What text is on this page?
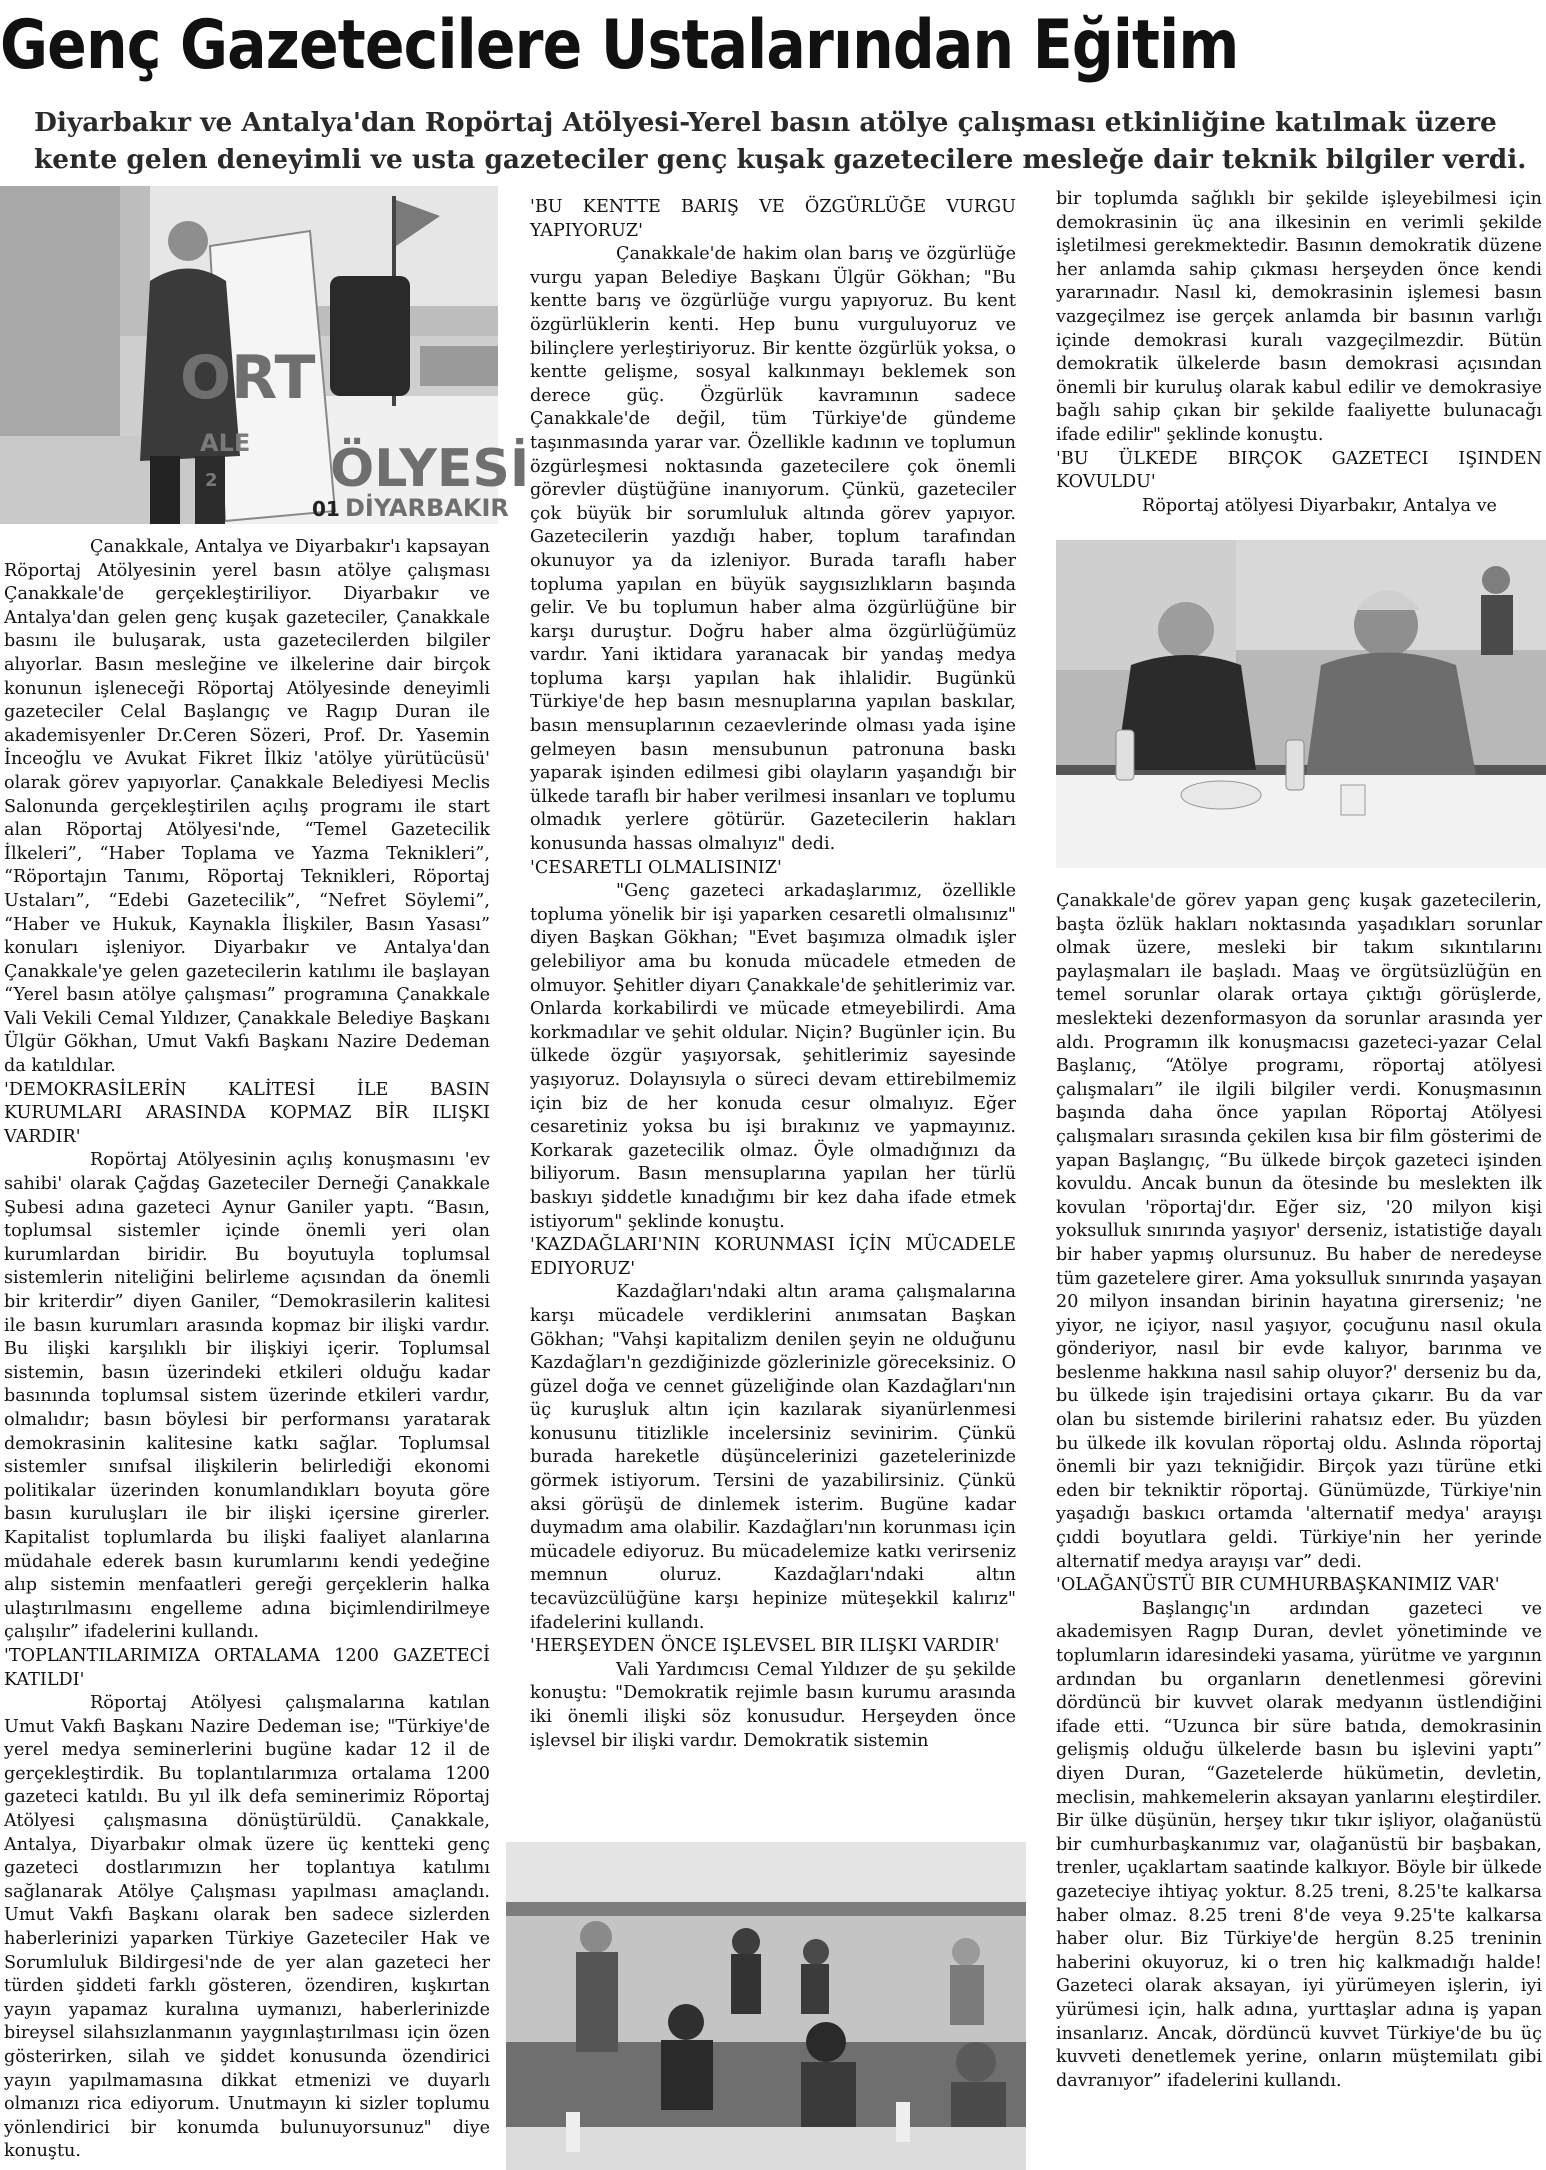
Genç Gazetecilere Ustalarından Eğitim
Diyarbakır ve Antalya'dan Ropörtaj Atölyesi-Yerel basın atölye çalışması etkinliğine katılmak üzere kente gelen deneyimli ve usta gazeteciler genç kuşak gazetecilere mesleğe dair teknik bilgiler verdi.
ORT
ÖLYESİ
DİYARBAKIR
ALE
2
01

Çanakkale, Antalya ve Diyarbakır'ı kapsayan Röportaj Atölyesinin yerel basın atölye çalışması Çanakkale'de gerçekleştiriliyor. Diyarbakır ve Antalya'dan gelen genç kuşak gazeteciler, Çanakkale basını ile buluşarak, usta gazetecilerden bilgiler alıyorlar. Basın mesleğine ve ilkelerine dair birçok konunun işleneceği Röportaj Atölyesinde deneyimli gazeteciler Celal Başlangıç ve Ragıp Duran ile akademisyenler Dr.Ceren Sözeri, Prof. Dr. Yasemin İnceoğlu ve Avukat Fikret İlkiz 'atölye yürütücüsü' olarak görev yapıyorlar. Çanakkale Belediyesi Meclis Salonunda gerçekleştirilen açılış programı ile start alan Röportaj Atölyesi'nde, “Temel Gazetecilik İlkeleri”, “Haber Toplama ve Yazma Teknikleri”, “Röportajın Tanımı, Röportaj Teknikleri, Röportaj Ustaları”, “Edebi Gazetecilik”, “Nefret Söylemi”, “Haber ve Hukuk, Kaynakla İlişkiler, Basın Yasası” konuları işleniyor. Diyarbakır ve Antalya'dan Çanakkale'ye gelen gazetecilerin katılımı ile başlayan “Yerel basın atölye çalışması” programına Çanakkale Vali Vekili Cemal Yıldızer, Çanakkale Belediye Başkanı Ülgür Gökhan, Umut Vakfı Başkanı Nazire Dedeman da katıldılar.

'DEMOKRASİLERİN KALİTESİ İLE BASIN KURUMLARI ARASINDA KOPMAZ BİR ILIŞKI VARDIR'

Ropörtaj Atölyesinin açılış konuşmasını 'ev sahibi' olarak Çağdaş Gazeteciler Derneği Çanakkale Şubesi adına gazeteci Aynur Ganiler yaptı. “Basın, toplumsal sistemler içinde önemli yeri olan kurumlardan biridir. Bu boyutuyla toplumsal sistemlerin niteliğini belirleme açısından da önemli bir kriterdir” diyen Ganiler, “Demokrasilerin kalitesi ile basın kurumları arasında kopmaz bir ilişki vardır. Bu ilişki karşılıklı bir ilişkiyi içerir. Toplumsal sistemin, basın üzerindeki etkileri olduğu kadar basınında toplumsal sistem üzerinde etkileri vardır, olmalıdır; basın böylesi bir performansı yaratarak demokrasinin kalitesine katkı sağlar. Toplumsal sistemler sınıfsal ilişkilerin belirlediği ekonomi politikalar üzerinden konumlandıkları boyuta göre basın kuruluşları ile bir ilişki içersine girerler. Kapitalist toplumlarda bu ilişki faaliyet alanlarına müdahale ederek basın kurumlarını kendi yedeğine alıp sistemin menfaatleri gereği gerçeklerin halka ulaştırılmasını engelleme adına biçimlendirilmeye çalışılır” ifadelerini kullandı.

'TOPLANTILARIMIZA ORTALAMA 1200 GAZETECİ KATILDI'

Röportaj Atölyesi çalışmalarına katılan Umut Vakfı Başkanı Nazire Dedeman ise; "Türkiye'de yerel medya seminerlerini bugüne kadar 12 il de gerçekleştirdik. Bu toplantılarımıza ortalama 1200 gazeteci katıldı. Bu yıl ilk defa seminerimiz Röportaj Atölyesi çalışmasına dönüştürüldü. Çanakkale, Antalya, Diyarbakır olmak üzere üç kentteki genç gazeteci dostlarımızın her toplantıya katılımı sağlanarak Atölye Çalışması yapılması amaçlandı. Umut Vakfı Başkanı olarak ben sadece sizlerden haberlerinizi yaparken Türkiye Gazeteciler Hak ve Sorumluluk Bildirgesi'nde de yer alan gazeteci her türden şiddeti farklı gösteren, özendiren, kışkırtan yayın yapamaz kuralına uymanızı, haberlerinizde bireysel silahsızlanmanın yaygınlaştırılması için özen gösterirken, silah ve şiddet konusunda özendirici yayın yapılmamasına dikkat etmenizi ve duyarlı olmanızı rica ediyorum. Unutmayın ki sizler toplumu yönlendirici bir konumda bulunuyorsunuz" diye konuştu.

'BU KENTTE BARIŞ VE ÖZGÜRLÜĞE VURGU YAPIYORUZ'

Çanakkale'de hakim olan barış ve özgürlüğe vurgu yapan Belediye Başkanı Ülgür Gökhan; "Bu kentte barış ve özgürlüğe vurgu yapıyoruz. Bu kent özgürlüklerin kenti. Hep bunu vurguluyoruz ve bilinçlere yerleştiriyoruz. Bir kentte özgürlük yoksa, o kentte gelişme, sosyal kalkınmayı beklemek son derece güç. Özgürlük kavramının sadece Çanakkale'de değil, tüm Türkiye'de gündeme taşınmasında yarar var. Özellikle kadının ve toplumun özgürleşmesi noktasında gazetecilere çok önemli görevler düştüğüne inanıyorum. Çünkü, gazeteciler çok büyük bir sorumluluk altında görev yapıyor. Gazetecilerin yazdığı haber, toplum tarafından okunuyor ya da izleniyor. Burada taraflı haber topluma yapılan en büyük saygısızlıkların başında gelir. Ve bu toplumun haber alma özgürlüğüne bir karşı duruştur. Doğru haber alma özgürlüğümüz vardır. Yani iktidara yaranacak bir yandaş medya topluma karşı yapılan hak ihlalidir. Bugünkü Türkiye'de hep basın mesnuplarına yapılan baskılar, basın mensuplarının cezaevlerinde olması yada işine gelmeyen basın mensubunun patronuna baskı yaparak işinden edilmesi gibi olayların yaşandığı bir ülkede taraflı bir haber verilmesi insanları ve toplumu olmadık yerlere götürür. Gazetecilerin hakları konusunda hassas olmalıyız" dedi.

'CESARETLI OLMALISINIZ'

"Genç gazeteci arkadaşlarımız, özellikle topluma yönelik bir işi yaparken cesaretli olmalısınız" diyen Başkan Gökhan; "Evet başımıza olmadık işler gelebiliyor ama bu konuda mücadele etmeden de olmuyor. Şehitler diyarı Çanakkale'de şehitlerimiz var. Onlarda korkabilirdi ve mücade etmeyebilirdi. Ama korkmadılar ve şehit oldular. Niçin? Bugünler için. Bu ülkede özgür yaşıyorsak, şehitlerimiz sayesinde yaşıyoruz. Dolayısıyla o süreci devam ettirebilmemiz için biz de her konuda cesur olmalıyız. Eğer cesaretiniz yoksa bu işi bırakınız ve yapmayınız. Korkarak gazetecilik olmaz. Öyle olmadığınızı da biliyorum. Basın mensuplarına yapılan her türlü baskıyı şiddetle kınadığımı bir kez daha ifade etmek istiyorum" şeklinde konuştu.

'KAZDAĞLARI'NIN KORUNMASI İÇİN MÜCADELE EDIYORUZ'

Kazdağları'ndaki altın arama çalışmalarına karşı mücadele verdiklerini anımsatan Başkan Gökhan; "Vahşi kapitalizm denilen şeyin ne olduğunu Kazdağları'n gezdiğinizde gözlerinizle göreceksiniz. O güzel doğa ve cennet güzeliğinde olan Kazdağları'nın üç kuruşluk altın için kazılarak siyanürlenmesi konusunu titizlikle incelersiniz sevinirim. Çünkü burada hareketle düşüncelerinizi gazetelerinizde görmek istiyorum. Tersini de yazabilirsiniz. Çünkü aksi görüşü de dinlemek isterim. Bugüne kadar duymadım ama olabilir. Kazdağları'nın korunması için mücadele ediyoruz. Bu mücadelemize katkı verirseniz memnun oluruz. Kazdağları'ndaki altın tecavüzcülüğüne karşı hepinize müteşekkil kalırız" ifadelerini kullandı.

'HERŞEYDEN ÖNCE IŞLEVSEL BIR ILIŞKI VARDIR'

Vali Yardımcısı Cemal Yıldızer de şu şekilde konuştu: "Demokratik rejimle basın kurumu arasında iki önemli ilişki söz konusudur. Herşeyden önce işlevsel bir ilişki vardır. Demokratik sistemin

bir toplumda sağlıklı bir şekilde işleyebilmesi için demokrasinin üç ana ilkesinin en verimli şekilde işletilmesi gerekmektedir. Basının demokratik düzene her anlamda sahip çıkması herşeyden önce kendi yararınadır. Nasıl ki, demokrasinin işlemesi basın vazgeçilmez ise gerçek anlamda bir basının varlığı içinde demokrasi kuralı vazgeçilmezdir. Bütün demokratik ülkelerde basın demokrasi açısından önemli bir kuruluş olarak kabul edilir ve demokrasiye bağlı sahip çıkan bir şekilde faaliyette bulunacağı ifade edilir" şeklinde konuştu.

'BU ÜLKEDE BIRÇOK GAZETECI IŞINDEN KOVULDU'

Röportaj atölyesi Diyarbakır, Antalya ve

Çanakkale'de görev yapan genç kuşak gazetecilerin, başta özlük hakları noktasında yaşadıkları sorunlar olmak üzere, mesleki bir takım sıkıntılarını paylaşmaları ile başladı. Maaş ve örgütsüzlüğün en temel sorunlar olarak ortaya çıktığı görüşlerde, meslekteki dezenformasyon da sorunlar arasında yer aldı. Programın ilk konuşmacısı gazeteci-yazar Celal Başlanıç, “Atölye programı, röportaj atölyesi çalışmaları” ile ilgili bilgiler verdi. Konuşmasının başında daha önce yapılan Röportaj Atölyesi çalışmaları sırasında çekilen kısa bir film gösterimi de yapan Başlangıç, “Bu ülkede birçok gazeteci işinden kovuldu. Ancak bunun da ötesinde bu meslekten ilk kovulan 'röportaj'dır. Eğer siz, '20 milyon kişi yoksulluk sınırında yaşıyor' derseniz, istatistiğe dayalı bir haber yapmış olursunuz. Bu haber de neredeyse tüm gazetelere girer. Ama yoksulluk sınırında yaşayan 20 milyon insandan birinin hayatına girerseniz; 'ne yiyor, ne içiyor, nasıl yaşıyor, çocuğunu nasıl okula gönderiyor, nasıl bir evde kalıyor, barınma ve beslenme hakkına nasıl sahip oluyor?' derseniz bu da, bu ülkede işin trajedisini ortaya çıkarır. Bu da var olan bu sistemde birilerini rahatsız eder. Bu yüzden bu ülkede ilk kovulan röportaj oldu. Aslında röportaj önemli bir yazı tekniğidir. Birçok yazı türüne etki eden bir tekniktir röportaj. Günümüzde, Türkiye'nin yaşadığı baskıcı ortamda 'alternatif medya' arayışı çıddi boyutlara geldi. Türkiye'nin her yerinde alternatif medya arayışı var” dedi.

'OLAĞANÜSTÜ BIR CUMHURBAŞKANIMIZ VAR'

Başlangıç'ın ardından gazeteci ve akademisyen Ragıp Duran, devlet yönetiminde ve toplumların idaresindeki yasama, yürütme ve yargının ardından bu organların denetlenmesi görevini dördüncü bir kuvvet olarak medyanın üstlendiğini ifade etti. “Uzunca bir süre batıda, demokrasinin gelişmiş olduğu ülkelerde basın bu işlevini yaptı” diyen Duran, “Gazetelerde hükümetin, devletin, meclisin, mahkemelerin aksayan yanlarını eleştirdiler. Bir ülke düşünün, herşey tıkır tıkır işliyor, olağanüstü bir cumhurbaşkanımız var, olağanüstü bir başbakan, trenler, uçaklartam saatinde kalkıyor. Böyle bir ülkede gazeteciye ihtiyaç yoktur. 8.25 treni, 8.25'te kalkarsa haber olmaz. 8.25 treni 8'de veya 9.25'te kalkarsa haber olur. Biz Türkiye'de hergün 8.25 treninin haberini okuyoruz, ki o tren hiç kalkmadığı halde! Gazeteci olarak aksayan, iyi yürümeyen işlerin, iyi yürümesi için, halk adına, yurttaşlar adına iş yapan insanlarız. Ancak, dördüncü kuvvet Türkiye'de bu üç kuvveti denetlemek yerine, onların müştemilatı gibi davranıyor” ifadelerini kullandı.
